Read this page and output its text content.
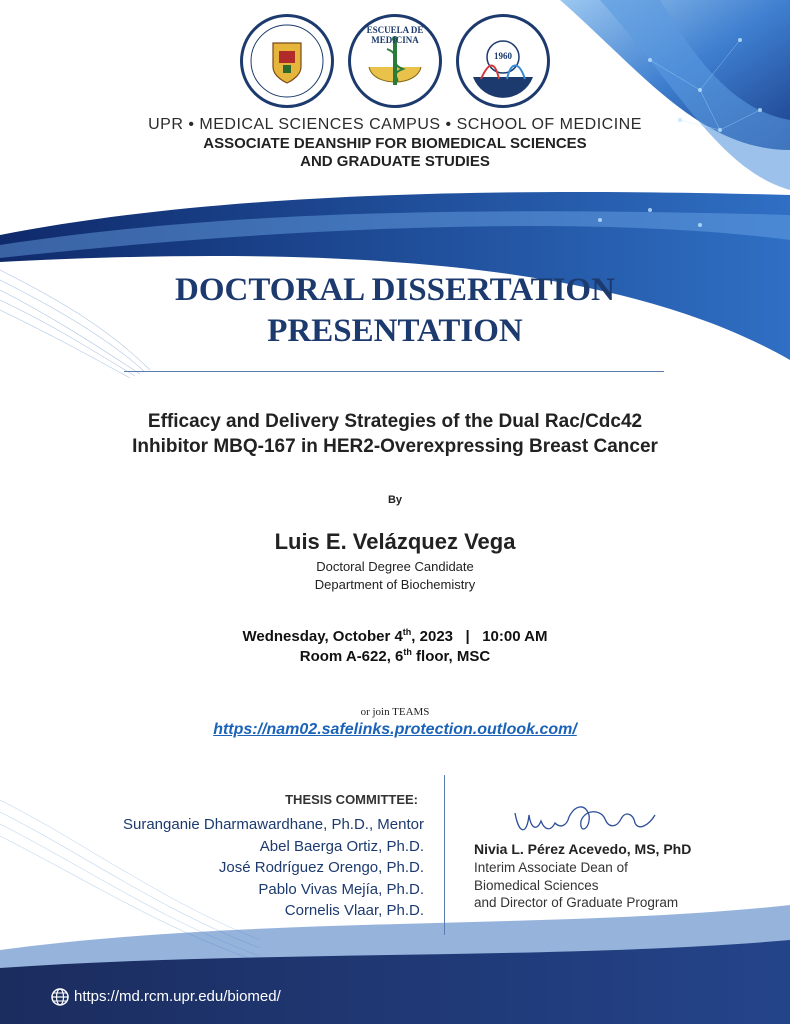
ESCUELA DE MEDICINA
1960
UPR • MEDICAL SCIENCES CAMPUS • SCHOOL OF MEDICINE
ASSOCIATE DEANSHIP FOR BIOMEDICAL SCIENCES
AND GRADUATE STUDIES
DOCTORAL DISSERTATION
PRESENTATION
Efficacy and Delivery Strategies of the Dual Rac/Cdc42
Inhibitor MBQ-167 in HER2-Overexpressing Breast Cancer
By
Luis E. Velázquez Vega
Doctoral Degree Candidate
Department of Biochemistry
Wednesday, October 4th, 2023   |   10:00 AM
Room A-622, 6th floor, MSC
or join TEAMS
https://nam02.safelinks.protection.outlook.com/
THESIS COMMITTEE:
Suranganie Dharmawardhane, Ph.D., Mentor
Abel Baerga Ortiz, Ph.D.
José Rodríguez Orengo, Ph.D.
Pablo Vivas Mejía, Ph.D.
Cornelis Vlaar, Ph.D.
Nivia L. Pérez Acevedo, MS, PhD
Interim Associate Dean of
Biomedical Sciences
and Director of Graduate Program
https://md.rcm.upr.edu/biomed/
